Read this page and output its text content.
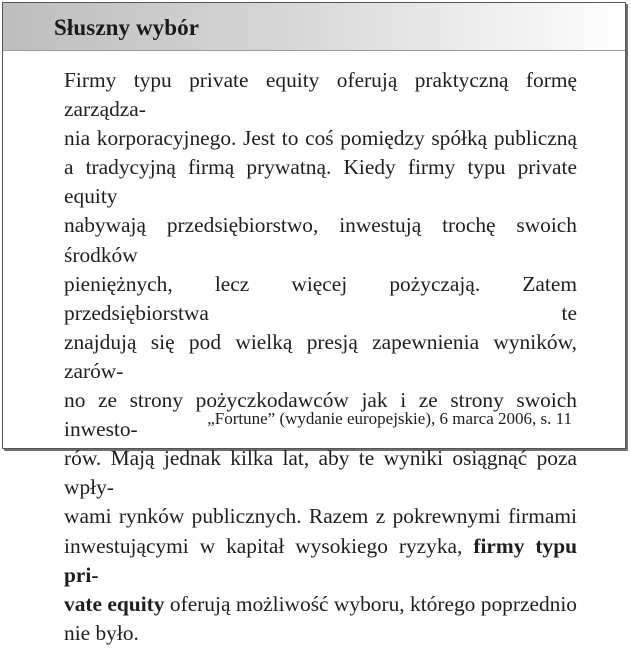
Słuszny wybór
Firmy typu private equity oferują praktyczną formę zarządza-
nia korporacyjnego. Jest to coś pomiędzy spółką publiczną
a tradycyjną firmą prywatną. Kiedy firmy typu private equity
nabywają przedsiębiorstwo, inwestują trochę swoich środków
pieniężnych, lecz więcej pożyczają. Zatem przedsiębiorstwa te
znajdują się pod wielką presją zapewnienia wyników, zarów-
no ze strony pożyczkodawców jak i ze strony swoich inwesto-
rów. Mają jednak kilka lat, aby te wyniki osiągnąć poza wpły-
wami rynków publicznych. Razem z pokrewnymi firmami
inwestującymi w kapitał wysokiego ryzyka, firmy typu pri-
vate equity oferują możliwość wyboru, którego poprzednio
nie było.
„Fortune” (wydanie europejskie), 6 marca 2006, s. 11
